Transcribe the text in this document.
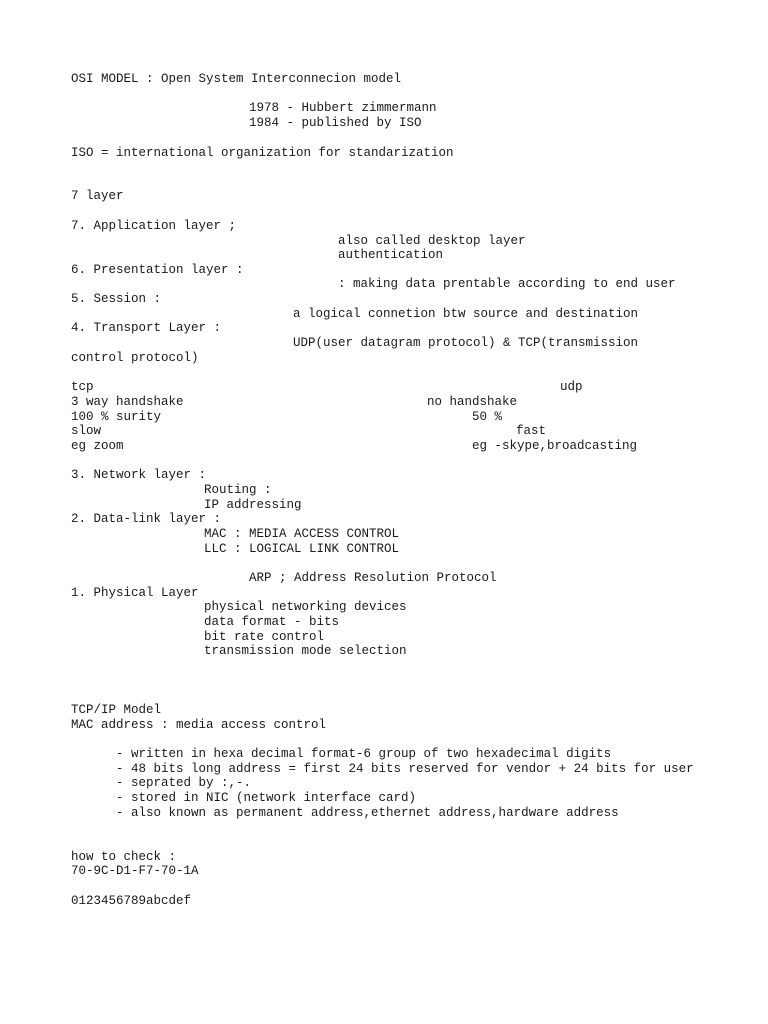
OSI MODEL : Open System Interconnecion model
1978 - Hubbert zimmermann
1984 - published by ISO
ISO = international organization for standarization
7 layer
7. Application layer ;
also called desktop layer
authentication
6. Presentation layer :
: making data prentable according to end user
5. Session :
a logical connetion btw source and destination
4. Transport Layer :
UDP(user datagram protocol) & TCP(transmission
control protocol)
tcp	udp
3 way handshake	no handshake
100 % surity	50 %
slow	fast
eg zoom	eg -skype,broadcasting
3. Network layer :
Routing :
IP addressing
2. Data-link layer :
MAC : MEDIA ACCESS CONTROL
LLC : LOGICAL LINK CONTROL
ARP ; Address Resolution Protocol
1. Physical Layer
physical networking devices
data format - bits
bit rate control
transmission mode selection
TCP/IP Model
MAC address : media access control
- written in hexa decimal format-6 group of two hexadecimal digits
- 48 bits long address = first 24 bits reserved for vendor + 24 bits for user
- seprated by :,-.
- stored in NIC (network interface card)
- also known as permanent address,ethernet address,hardware address
how to check :
70-9C-D1-F7-70-1A
0123456789abcdef
